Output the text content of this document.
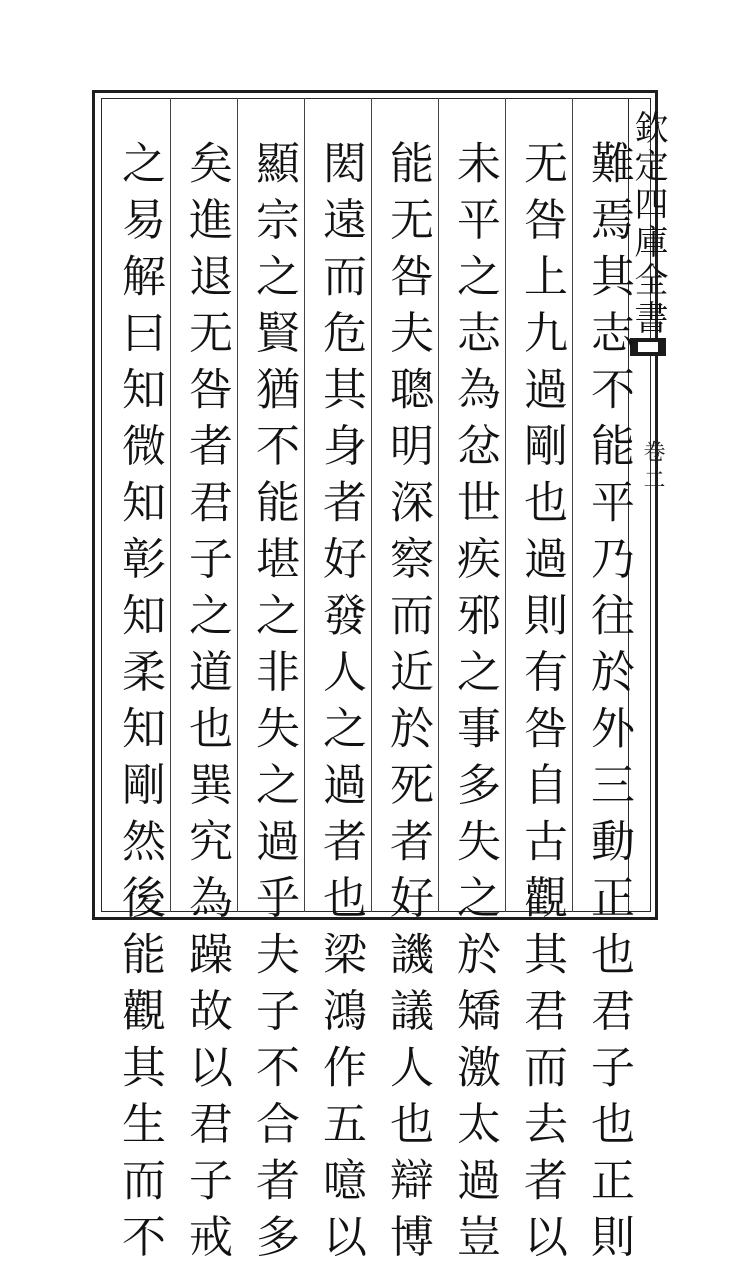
欽定四庫全書
卷二
難焉其志不能平乃往於外三動正也君子也正則
无咎上九過剛也過則有咎自古觀其君而去者以
未平之志為忿世疾邪之事多失之於矯激太過豈
能无咎夫聰明深察而近於死者好譏議人也辯博
閎遠而危其身者好發人之過者也梁鴻作五噫以
顯宗之賢猶不能堪之非失之過乎夫子不合者多
矣進退无咎者君子之道也巽究為躁故以君子戒
之易解曰知微知彰知柔知剛然後能觀其生而不
